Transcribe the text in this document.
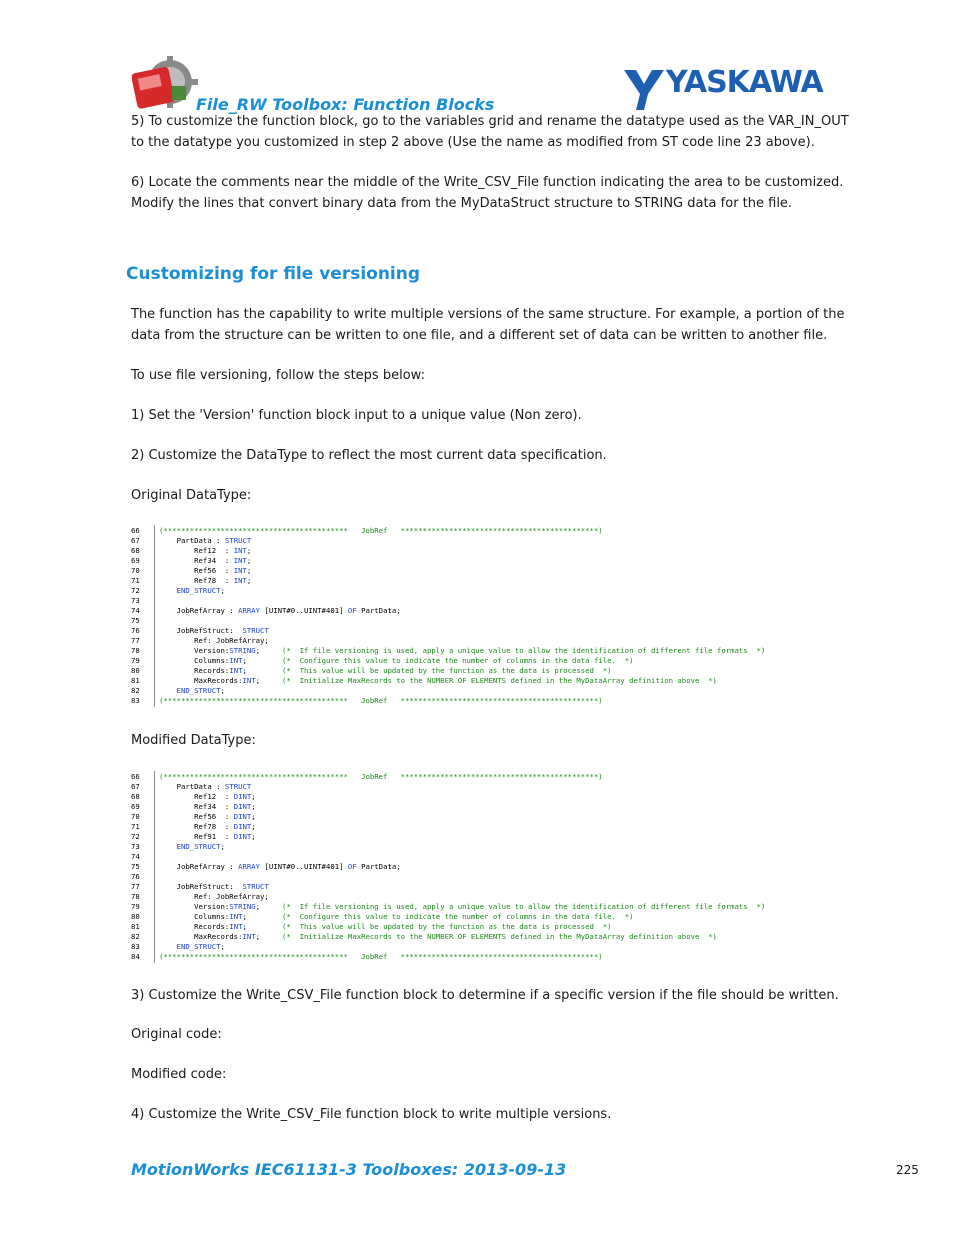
File_RW Toolbox: Function Blocks
YASKAWA
5) To customize the function block, go to the variables grid and rename the datatype used as the VAR_IN_OUT
to the datatype you customized in step 2 above (Use the name as modified from ST code line 23 above).
6) Locate the comments near the middle of the Write_CSV_File function indicating the area to be customized.
Modify the lines that convert binary data from the MyDataStruct structure to STRING data for the file.
Customizing for file versioning
The function has the capability to write multiple versions of the same structure. For example, a portion of the
data from the structure can be written to one file, and a different set of data can be written to another file.
To use file versioning, follow the steps below:
1) Set the 'Version' function block input to a unique value (Non zero).
2) Customize the DataType to reflect the most current data specification.
Original DataType:
66	(******************************************   JobRef   *********************************************)
67	PartData : STRUCT
68	Ref12  : INT;
69	Ref34  : INT;
70	Ref56  : INT;
71	Ref78  : INT;
72	END_STRUCT;
73
74	JobRefArray : ARRAY [UINT#0..UINT#401] OF PartData;
75
76	JobRefStruct:  STRUCT
77	Ref: JobRefArray;
78	Version:STRING;     (*  If file versioning is used, apply a unique value to allow the identification of different file formats  *)
79	Columns:INT;        (*  Configure this value to indicate the number of columns in the data file.  *)
80	Records:INT;        (*  This value will be updated by the function as the data is processed  *)
81	MaxRecords:INT;     (*  Initialize MaxRecords to the NUMBER OF ELEMENTS defined in the MyDataArray definition above  *)
82	END_STRUCT;
83	(******************************************   JobRef   *********************************************)
Modified DataType:
66	(******************************************   JobRef   *********************************************)
67	PartData : STRUCT
68	Ref12  : DINT;
69	Ref34  : DINT;
70	Ref56  : DINT;
71	Ref78  : DINT;
72	Ref91  : DINT;
73	END_STRUCT;
74
75	JobRefArray : ARRAY [UINT#0..UINT#401] OF PartData;
76
77	JobRefStruct:  STRUCT
78	Ref: JobRefArray;
79	Version:STRING;     (*  If file versioning is used, apply a unique value to allow the identification of different file formats  *)
80	Columns:INT;        (*  Configure this value to indicate the number of columns in the data file.  *)
81	Records:INT;        (*  This value will be updated by the function as the data is processed  *)
82	MaxRecords:INT;     (*  Initialize MaxRecords to the NUMBER OF ELEMENTS defined in the MyDataArray definition above  *)
83	END_STRUCT;
84	(******************************************   JobRef   *********************************************)
3) Customize the Write_CSV_File function block to determine if a specific version if the file should be written.
Original code:
Modified code:
4) Customize the Write_CSV_File function block to write multiple versions.
MotionWorks IEC61131-3 Toolboxes: 2013-09-13	225
